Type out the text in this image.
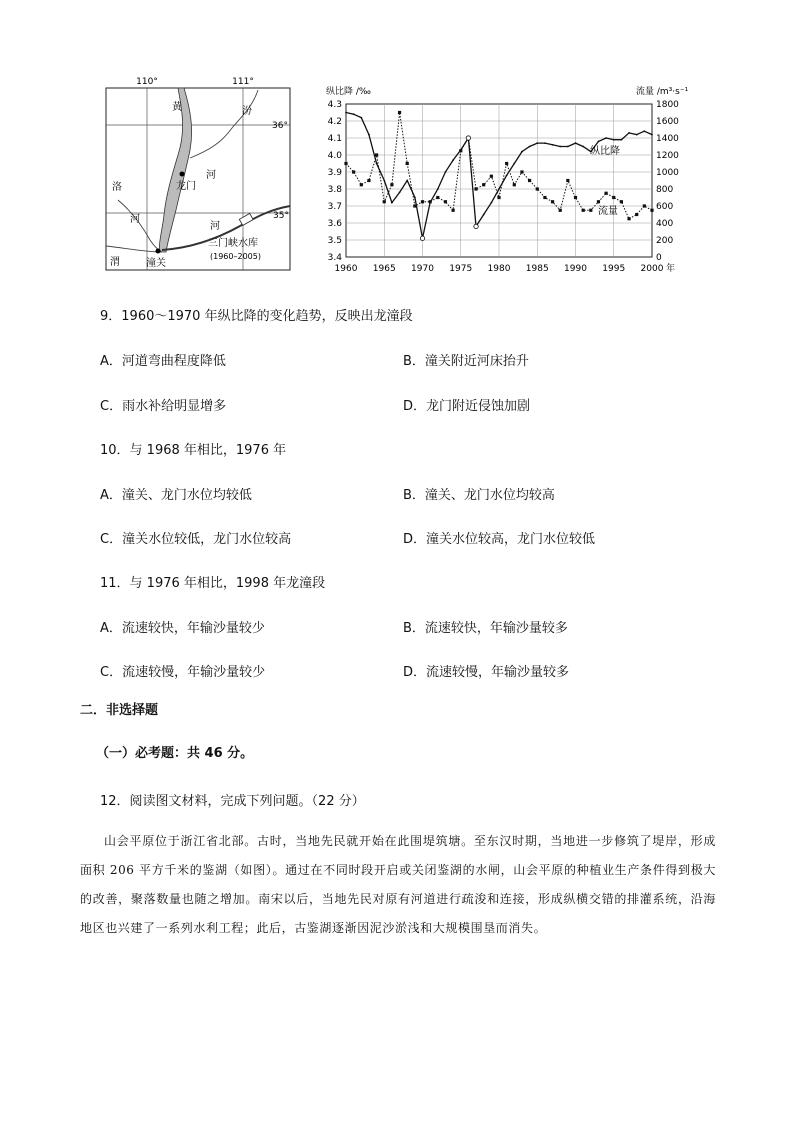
110°	111°
36°
35°
黄	汾
河
龙门
洛
河
河
渭	潼关
三门峡水库
(1960–2005)
纵比降 /‰	流量 /m³·s⁻¹
4.3
4.2
4.1
4.0
3.9
3.8
3.7
3.6
3.5
3.4
1800
1600
1400
1200
1000
800
600
400
200
0
1960 1965 1970 1975 1980 1985 1990 1995 2000 年
纵比降
流量
9．1960～1970 年纵比降的变化趋势，反映出龙潼段
A．河道弯曲程度降低	B．潼关附近河床抬升
C．雨水补给明显增多	D．龙门附近侵蚀加剧
10．与 1968 年相比，1976 年
A．潼关、龙门水位均较低	B．潼关、龙门水位均较高
C．潼关水位较低，龙门水位较高	D．潼关水位较高，龙门水位较低
11．与 1976 年相比，1998 年龙潼段
A．流速较快，年输沙量较少	B．流速较快，年输沙量较多
C．流速较慢，年输沙量较少	D．流速较慢，年输沙量较多
二．非选择题
（一）必考题：共 46 分。
12．阅读图文材料，完成下列问题。（22 分）
山会平原位于浙江省北部。古时，当地先民就开始在此围堤筑塘。至东汉时期，当地进一步修筑了堤岸，形成面积 206 平方千米的鉴湖（如图）。通过在不同时段开启或关闭鉴湖的水闸，山会平原的种植业生产条件得到极大的改善，聚落数量也随之增加。南宋以后，当地先民对原有河道进行疏浚和连接，形成纵横交错的排灌系统，沿海地区也兴建了一系列水利工程；此后，古鉴湖逐渐因泥沙淤浅和大规模围垦而消失。
